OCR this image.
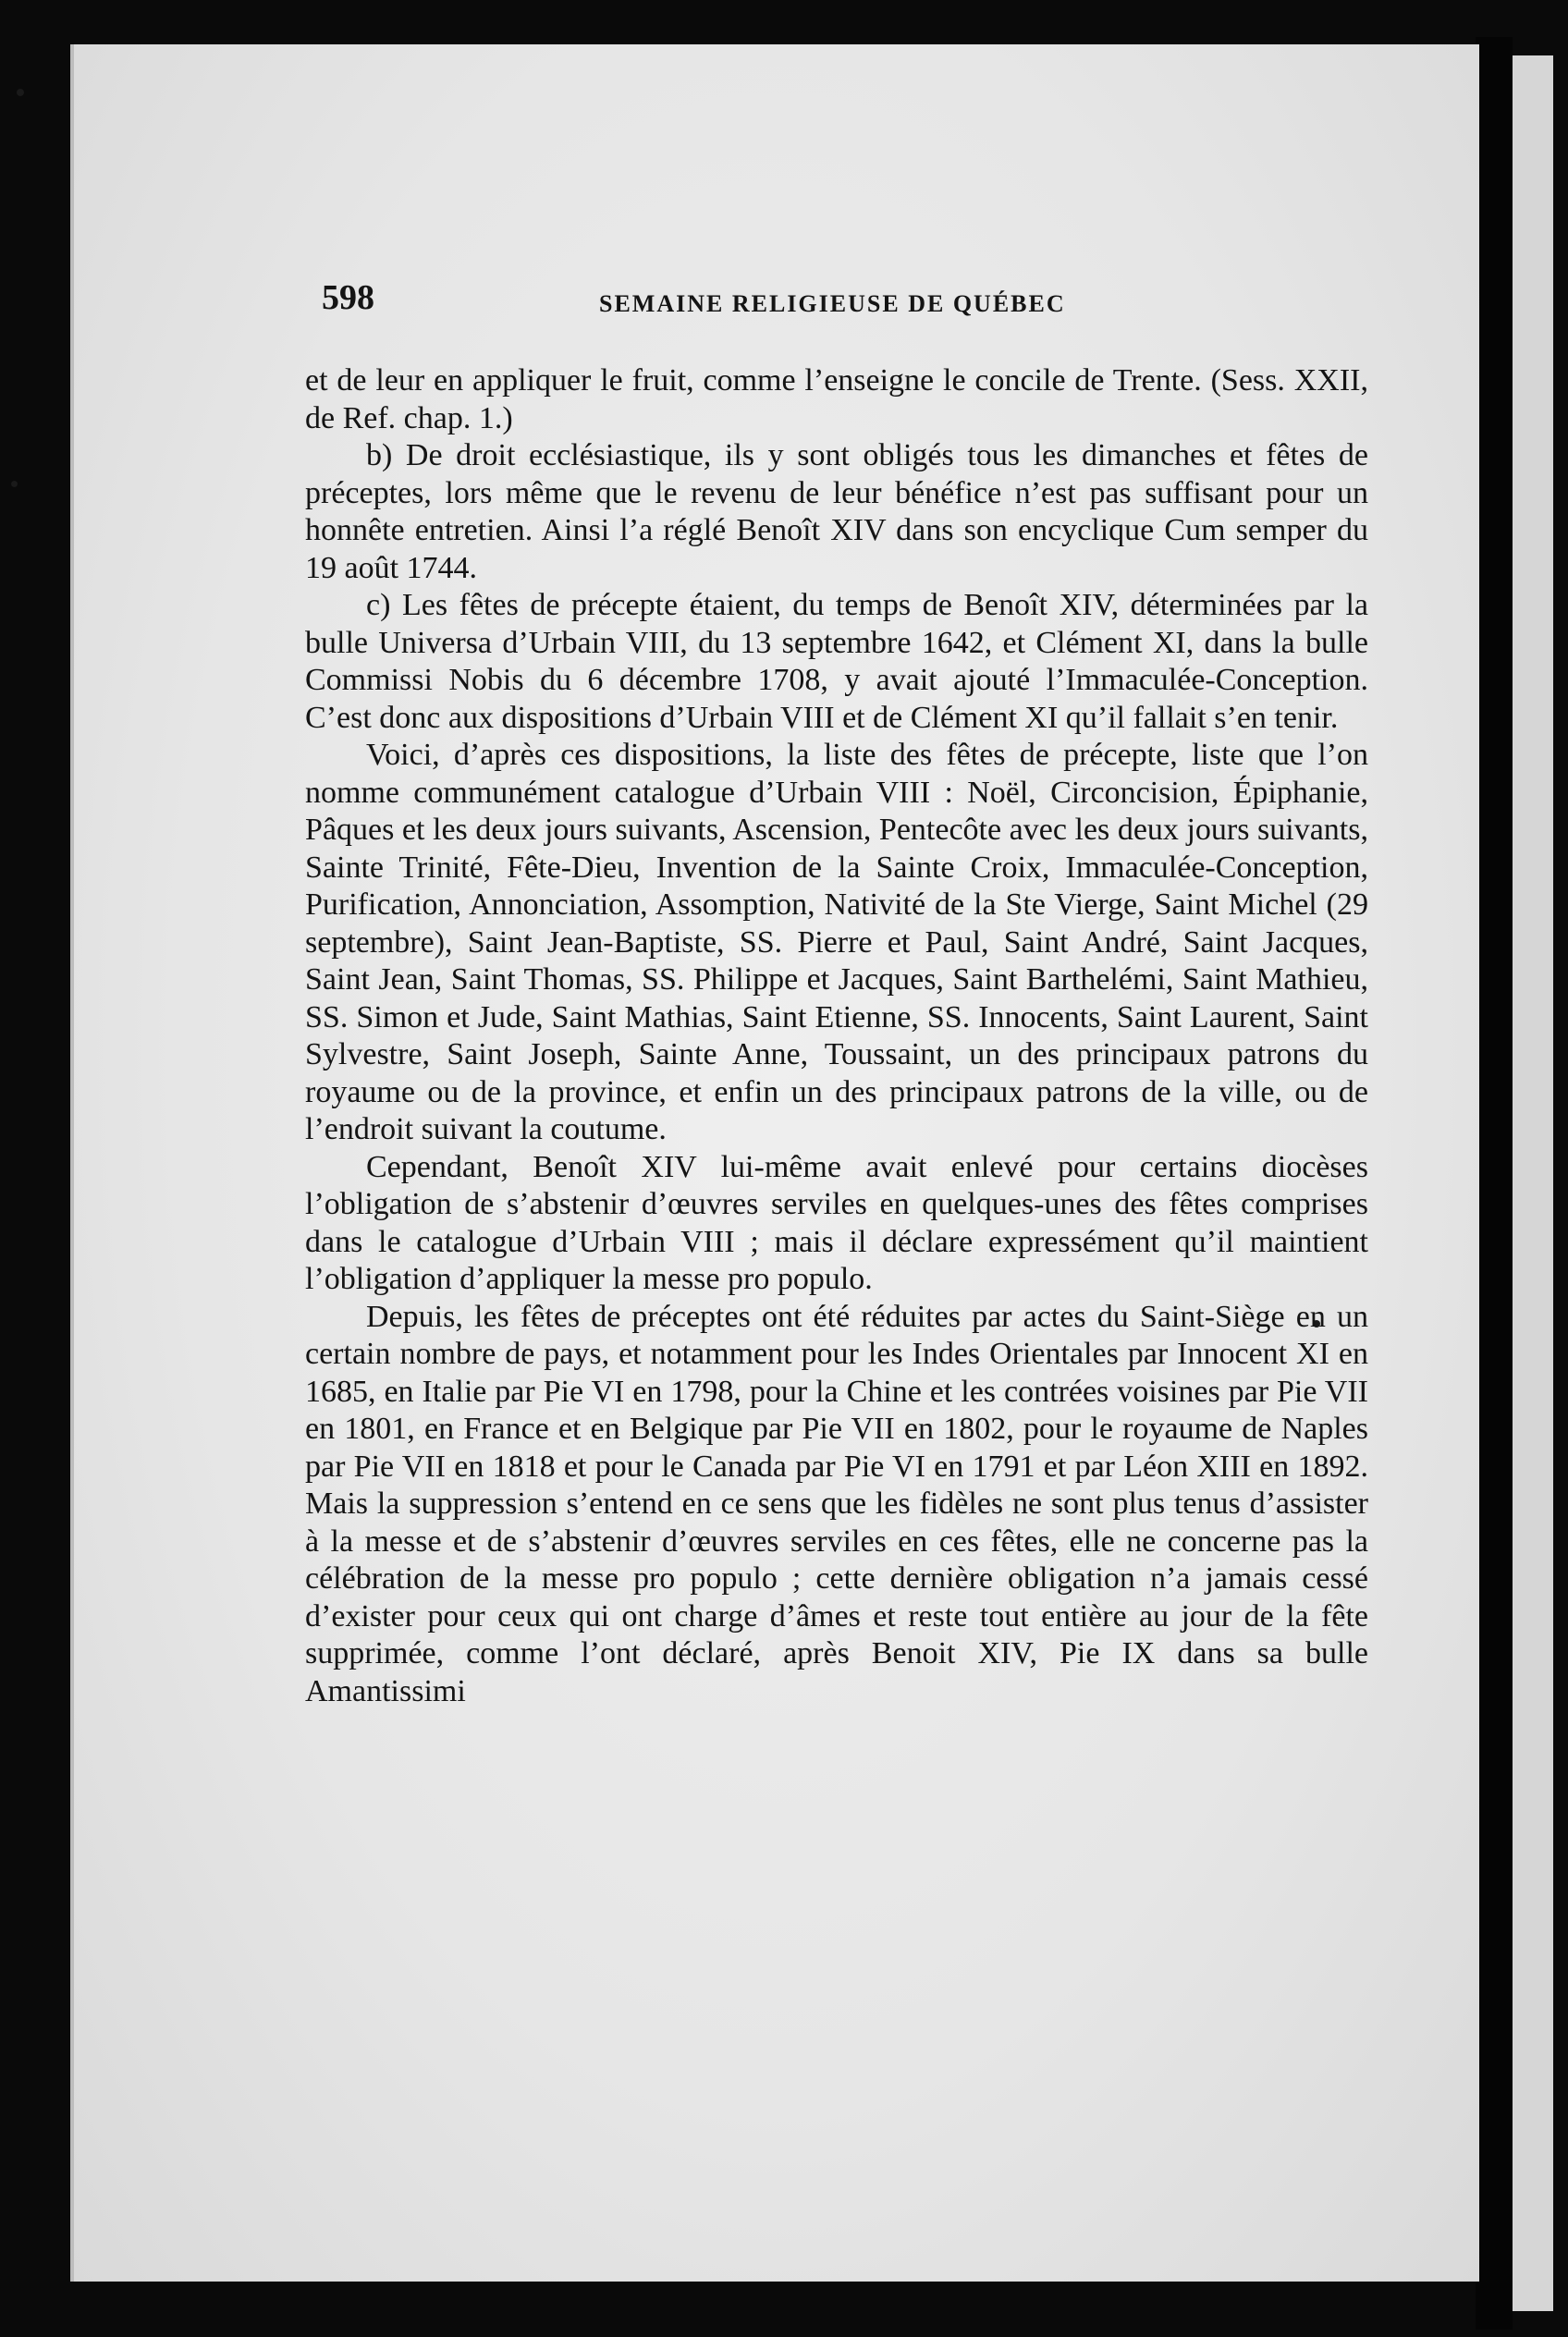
598	SEMAINE RELIGIEUSE DE QUÉBEC

et de leur en appliquer le fruit, comme l’enseigne le concile de Trente. (Sess. XXII, de Ref. chap. 1.)

b) De droit ecclésiastique, ils y sont obligés tous les dimanches et fêtes de préceptes, lors même que le revenu de leur bénéfice n’est pas suffisant pour un honnête entretien. Ainsi l’a réglé Benoît XIV dans son encyclique Cum semper du 19 août 1744.

c) Les fêtes de précepte étaient, du temps de Benoît XIV, déterminées par la bulle Universa d’Urbain VIII, du 13 septembre 1642, et Clément XI, dans la bulle Commissi Nobis du 6 décembre 1708, y avait ajouté l’Immaculée-Conception. C’est donc aux dispositions d’Urbain VIII et de Clément XI qu’il fallait s’en tenir.

Voici, d’après ces dispositions, la liste des fêtes de précepte, liste que l’on nomme communément catalogue d’Urbain VIII : Noël, Circoncision, Épiphanie, Pâques et les deux jours suivants, Ascension, Pentecôte avec les deux jours suivants, Sainte Trinité, Fête-Dieu, Invention de la Sainte Croix, Immaculée-Conception, Purification, Annonciation, Assomption, Nativité de la Ste Vierge, Saint Michel (29 septembre), Saint Jean-Baptiste, SS. Pierre et Paul, Saint André, Saint Jacques, Saint Jean, Saint Thomas, SS. Philippe et Jacques, Saint Barthelémi, Saint Mathieu, SS. Simon et Jude, Saint Mathias, Saint Etienne, SS. Innocents, Saint Laurent, Saint Sylvestre, Saint Joseph, Sainte Anne, Toussaint, un des principaux patrons du royaume ou de la province, et enfin un des principaux patrons de la ville, ou de l’endroit suivant la coutume.

Cependant, Benoît XIV lui-même avait enlevé pour certains diocèses l’obligation de s’abstenir d’œuvres serviles en quelques-unes des fêtes comprises dans le catalogue d’Urbain VIII ; mais il déclare expressément qu’il maintient l’obligation d’appliquer la messe pro populo.

Depuis, les fêtes de préceptes ont été réduites par actes du Saint-Siège en un certain nombre de pays, et notamment pour les Indes Orientales par Innocent XI en 1685, en Italie par Pie VI en 1798, pour la Chine et les contrées voisines par Pie VII en 1801, en France et en Belgique par Pie VII en 1802, pour le royaume de Naples par Pie VII en 1818 et pour le Canada par Pie VI en 1791 et par Léon XIII en 1892. Mais la suppression s’entend en ce sens que les fidèles ne sont plus tenus d’assister à la messe et de s’abstenir d’œuvres serviles en ces fêtes, elle ne concerne pas la célébration de la messe pro populo ; cette dernière obligation n’a jamais cessé d’exister pour ceux qui ont charge d’âmes et reste tout entière au jour de la fête supprimée, comme l’ont déclaré, après Benoit XIV, Pie IX dans sa bulle Amantissimi
